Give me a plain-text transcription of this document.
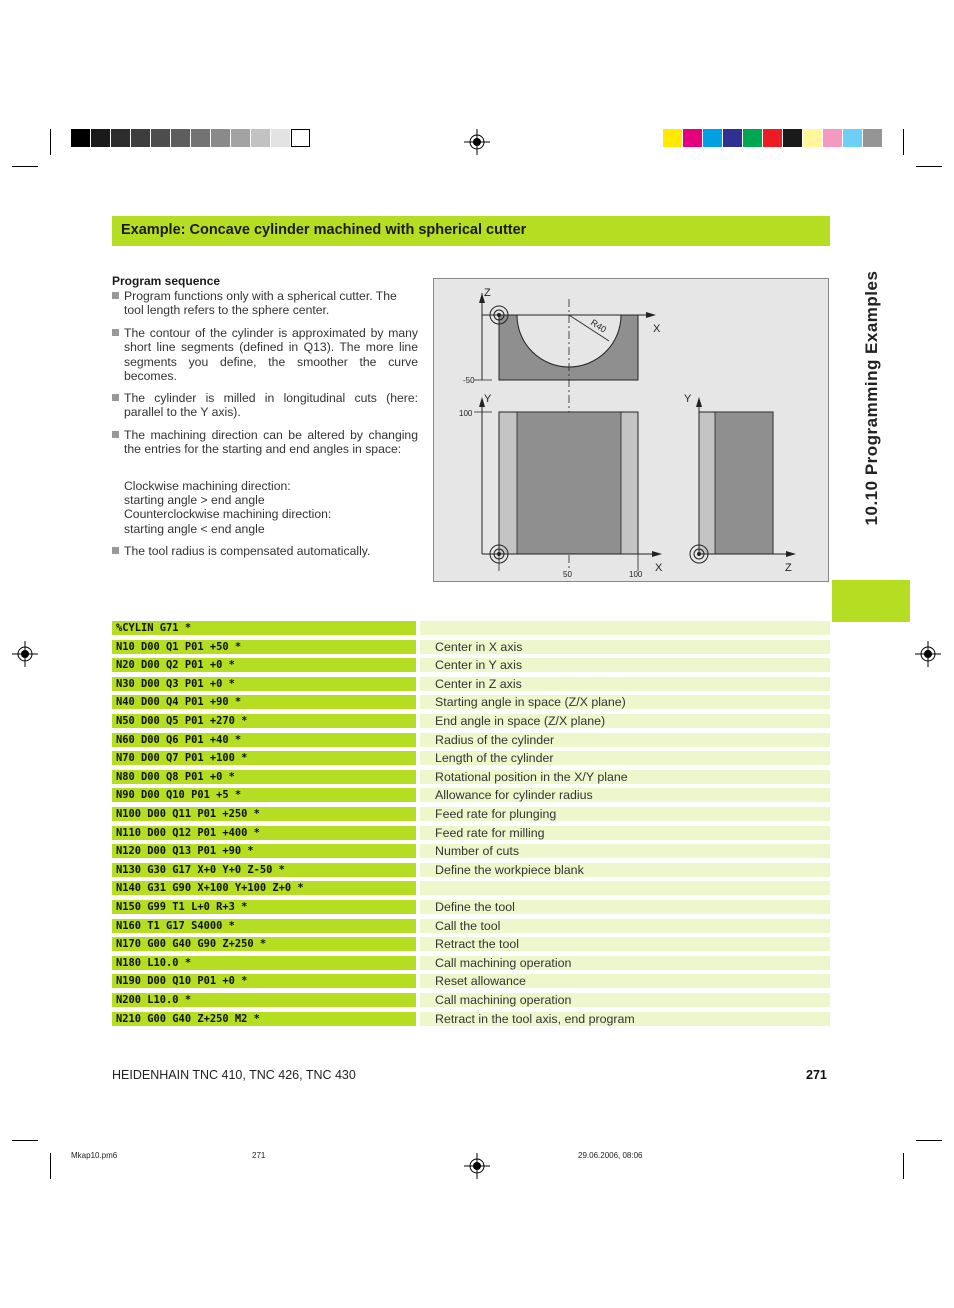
10.10 Programming Examples
Example: Concave cylinder machined with spherical cutter
Program sequence
Program functions only with a spherical cutter. The tool length refers to the sphere center.
The contour of the cylinder is approximated by many short line segments (defined in Q13). The more line segments you define, the smoother the curve becomes.
The cylinder is milled in longitudinal cuts (here: parallel to the Y axis).
The machining direction can be altered by changing the entries for the starting and end angles in space:
Clockwise machining direction:
starting angle > end angle
Counterclockwise machining direction:
starting angle < end angle
The tool radius is compensated automatically.
Z
X
R40
-50
Y
100
Y
X	Z
50	100
%CYLIN G71 *
N10 D00 Q1 P01 +50 *	Center in X axis
N20 D00 Q2 P01 +0 *	Center in Y axis
N30 D00 Q3 P01 +0 *	Center in Z axis
N40 D00 Q4 P01 +90 *	Starting angle in space (Z/X plane)
N50 D00 Q5 P01 +270 *	End angle in space (Z/X plane)
N60 D00 Q6 P01 +40 *	Radius of the cylinder
N70 D00 Q7 P01 +100 *	Length of the cylinder
N80 D00 Q8 P01 +0 *	Rotational position in the X/Y plane
N90 D00 Q10 P01 +5 *	Allowance for cylinder radius
N100 D00 Q11 P01 +250 *	Feed rate for plunging
N110 D00 Q12 P01 +400 *	Feed rate for milling
N120 D00 Q13 P01 +90 *	Number of cuts
N130 G30 G17 X+0 Y+0 Z-50 *	Define the workpiece blank
N140 G31 G90 X+100 Y+100 Z+0 *
N150 G99 T1 L+0 R+3 *	Define the tool
N160 T1 G17 S4000 *	Call the tool
N170 G00 G40 G90 Z+250 *	Retract the tool
N180 L10.0 *	Call machining operation
N190 D00 Q10 P01 +0 *	Reset allowance
N200 L10.0 *	Call machining operation
N210 G00 G40 Z+250 M2 *	Retract in the tool axis, end program
HEIDENHAIN TNC 410, TNC 426, TNC 430	271
Mkap10.pm6	271	29.06.2006, 08:06
